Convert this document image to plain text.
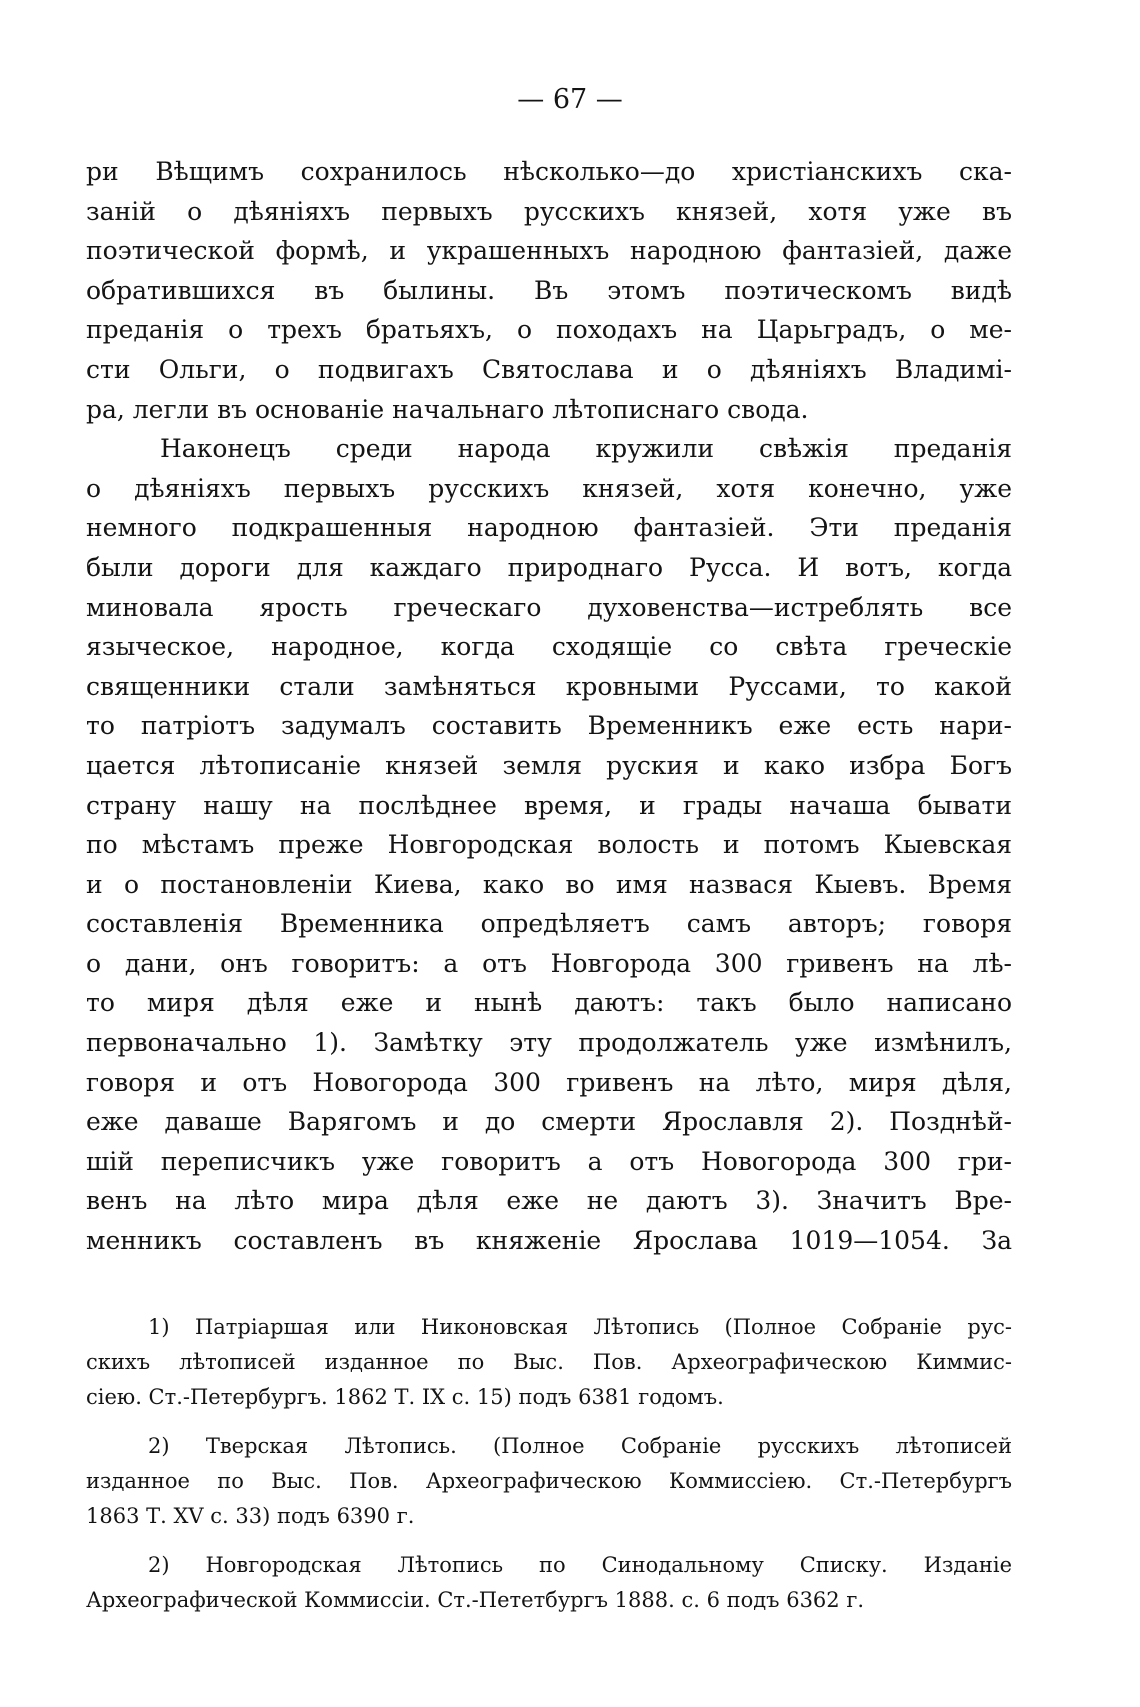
— 67 —
ри Вѣщимъ сохранилось нѣсколько—до христіанскихъ ска-
заній о дѣяніяхъ первыхъ русскихъ князей, хотя уже въ
поэтической формѣ, и украшенныхъ народною фантазіей, даже
обратившихся въ былины. Въ этомъ поэтическомъ видѣ
преданія о трехъ братьяхъ, о походахъ на Царьградъ, о ме-
сти Ольги, о подвигахъ Святослава и о дѣяніяхъ Владимі-
ра, легли въ основаніе начальнаго лѣтописнаго свода.
Наконецъ среди народа кружили свѣжія преданія
о дѣяніяхъ первыхъ русскихъ князей, хотя конечно, уже
немного подкрашенныя народною фантазіей. Эти преданія
были дороги для каждаго природнаго Русса. И вотъ, когда
миновала ярость греческаго духовенства—истреблять все
языческое, народное, когда сходящіе со свѣта греческіе
священники стали замѣняться кровными Руссами, то какой
то патріотъ задумалъ составить Временникъ еже есть нари-
цается лѣтописаніе князей земля руския и како избра Богъ
страну нашу на послѣднее время, и грады начаша бывати
по мѣстамъ преже Новгородская волость и потомъ Кыевская
и о постановленіи Киева, како во имя назвася Кыевъ. Время
составленія Временника опредѣляетъ самъ авторъ; говоря
о дани, онъ говоритъ: а отъ Новгорода 300 гривенъ на лѣ-
то миря дѣля еже и нынѣ даютъ: такъ было написано
первоначально 1). Замѣтку эту продолжатель уже измѣнилъ,
говоря и отъ Новогорода 300 гривенъ на лѣто, миря дѣля,
еже даваше Варягомъ и до смерти Ярославля 2). Позднѣй-
шій переписчикъ уже говоритъ а отъ Новогорода 300 гри-
венъ на лѣто мира дѣля еже не даютъ 3). Значитъ Вре-
менникъ составленъ въ княженіе Ярослава 1019—1054. За
1) Патріаршая или Никоновская Лѣтопись (Полное Собраніе рус-
скихъ лѣтописей изданное по Выс. Пов. Археографическою Киммис-
сіею. Ст.-Петербургъ. 1862 Т. IX с. 15) подъ 6381 годомъ.
2) Тверская Лѣтопись. (Полное Собраніе русскихъ лѣтописей
изданное по Выс. Пов. Археографическою Коммиссіею. Ст.-Петербургъ
1863 Т. XV с. 33) подъ 6390 г.
2) Новгородская Лѣтопись по Синодальному Списку. Изданіе
Археографической Коммиссіи. Ст.-Пететбургъ 1888. с. 6 подъ 6362 г.
